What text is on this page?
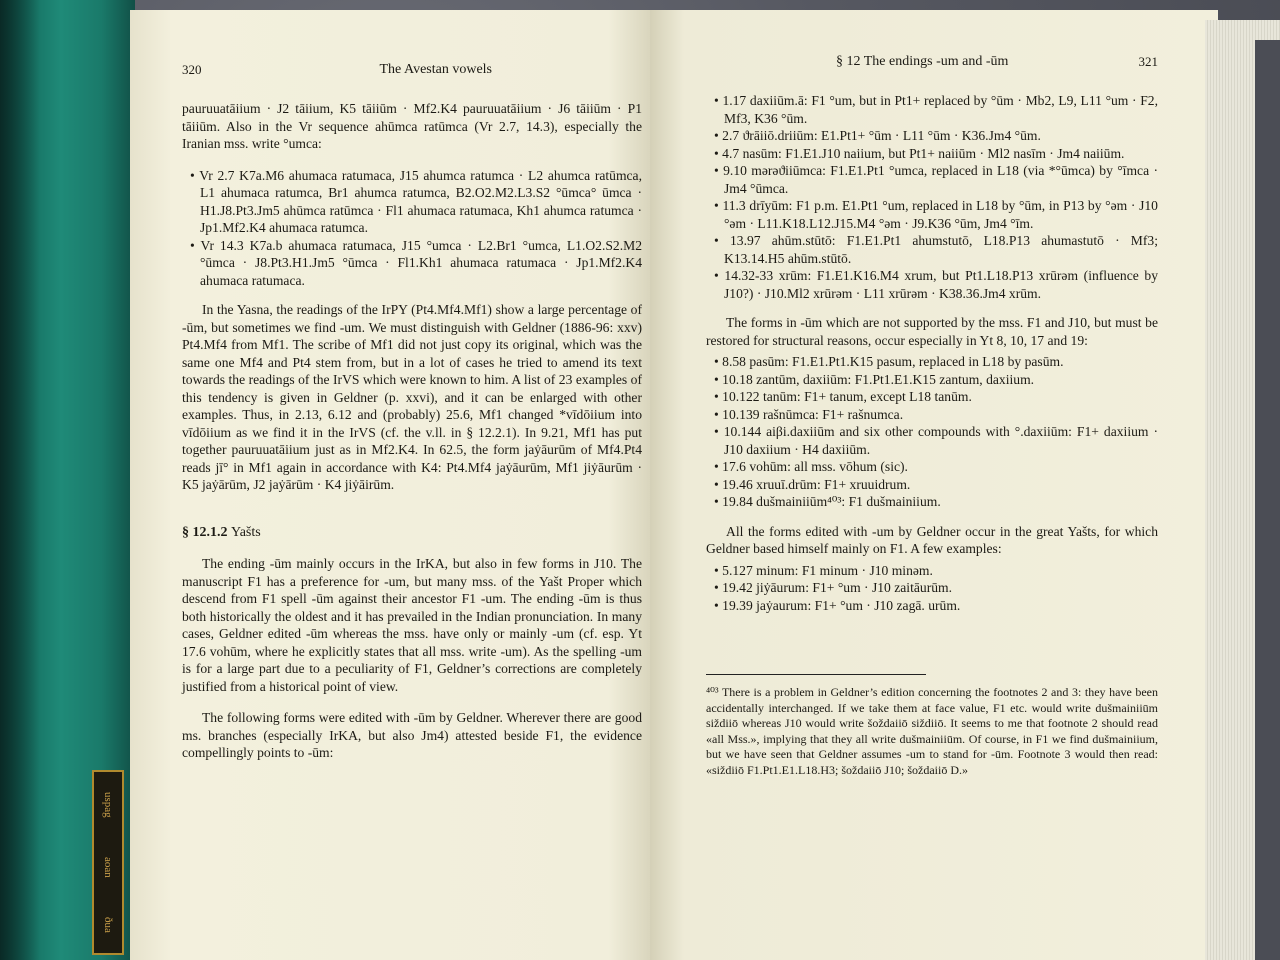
uspag
aoan
ðua
320	The Avestan vowels

pauruuatāiium · J2 tāiium, K5 tāiiūm · Mf2.K4 pauruuatāiium · J6 tāiiūm · P1 tāiiūm. Also in the Vr sequence ahūmca ratūmca (Vr 2.7, 14.3), especially the Iranian mss. write °umca:

• Vr 2.7 K7a.M6 ahumaca ratumaca, J15 ahumca ratumca · L2 ahumca ratūmca, L1 ahumaca ratumca, Br1 ahumca ratumca, B2.O2.M2.L3.S2 °ūmca° ūmca · H1.J8.Pt3.Jm5 ahūmca ratūmca · Fl1 ahumaca ratumaca, Kh1 ahumca ratumca · Jp1.Mf2.K4 ahumaca ratumca.
• Vr 14.3 K7a.b ahumaca ratumaca, J15 °umca · L2.Br1 °umca, L1.O2.S2.M2 °ūmca · J8.Pt3.H1.Jm5 °ūmca · Fl1.Kh1 ahumaca ratumaca · Jp1.Mf2.K4 ahumaca ratumaca.

In the Yasna, the readings of the IrPY (Pt4.Mf4.Mf1) show a large percentage of -ūm, but sometimes we find -um. We must distinguish with Geldner (1886-96: xxv) Pt4.Mf4 from Mf1. The scribe of Mf1 did not just copy its original, which was the same one Mf4 and Pt4 stem from, but in a lot of cases he tried to amend its text towards the readings of the IrVS which were known to him. A list of 23 examples of this tendency is given in Geldner (p. xxvi), and it can be enlarged with other examples. Thus, in 2.13, 6.12 and (probably) 25.6, Mf1 changed *vīdōiium into vīdōiium as we find it in the IrVS (cf. the v.ll. in § 12.2.1). In 9.21, Mf1 has put together pauruuatāiium just as in Mf2.K4. In 62.5, the form jaẏāurūm of Mf4.Pt4 reads jī° in Mf1 again in accordance with K4: Pt4.Mf4 jaẏāurūm, Mf1 jiẏāurūm · K5 jaẏārūm, J2 jaẏārūm · K4 jiẏāirūm.

§ 12.1.2 Yašts

The ending -ūm mainly occurs in the IrKA, but also in few forms in J10. The manuscript F1 has a preference for -um, but many mss. of the Yašt Proper which descend from F1 spell -ūm against their ancestor F1 -um. The ending -ūm is thus both historically the oldest and it has prevailed in the Indian pronunciation. In many cases, Geldner edited -ūm whereas the mss. have only or mainly -um (cf. esp. Yt 17.6 vohūm, where he explicitly states that all mss. write -um). As the spelling -um is for a large part due to a peculiarity of F1, Geldner’s corrections are completely justified from a historical point of view.

The following forms were edited with -ūm by Geldner. Wherever there are good ms. branches (especially IrKA, but also Jm4) attested beside F1, the evidence compellingly points to -ūm:

§ 12 The endings -um and -ūm	321
• 1.17 daxiiūm.ā: F1 °um, but in Pt1+ replaced by °ūm · Mb2, L9, L11 °um · F2, Mf3, K36 °ūm.
• 2.7 ϑrāiiō.driiūm: E1.Pt1+ °ūm · L11 °ūm · K36.Jm4 °ūm.
• 4.7 nasūm: F1.E1.J10 naiium, but Pt1+ naiiūm · Ml2 nasīm · Jm4 naiiūm.
• 9.10 mərəϑiiūmca: F1.E1.Pt1 °umca, replaced in L18 (via *°ūmca) by °īmca · Jm4 °ūmca.
• 11.3 drīyūm: F1 p.m. E1.Pt1 °um, replaced in L18 by °ūm, in P13 by °əm · J10 °əm · L11.K18.L12.J15.M4 °əm · J9.K36 °ūm, Jm4 °īm.
• 13.97 ahūm.stūtō: F1.E1.Pt1 ahumstutō, L18.P13 ahumastutō · Mf3; K13.14.H5 ahūm.stūtō.
• 14.32-33 xrūm: F1.E1.K16.M4 xrum, but Pt1.L18.P13 xrūrəm (influence by J10?) · J10.Ml2 xrūrəm · L11 xrūrəm · K38.36.Jm4 xrūm.

The forms in -ūm which are not supported by the mss. F1 and J10, but must be restored for structural reasons, occur especially in Yt 8, 10, 17 and 19:

• 8.58 pasūm: F1.E1.Pt1.K15 pasum, replaced in L18 by pasūm.
• 10.18 zantūm, daxiiūm: F1.Pt1.E1.K15 zantum, daxiium.
• 10.122 tanūm: F1+ tanum, except L18 tanūm.
• 10.139 rašnūmca: F1+ rašnumca.
• 10.144 aiβi.daxiiūm and six other compounds with °.daxiiūm: F1+ daxiium · J10 daxiium · H4 daxiiūm.
• 17.6 vohūm: all mss. vōhum (sic).
• 19.46 xruuī.drūm: F1+ xruuidrum.
• 19.84 dušmainiiūm⁴⁰³: F1 dušmainiium.

All the forms edited with -um by Geldner occur in the great Yašts, for which Geldner based himself mainly on F1. A few examples:

• 5.127 minum: F1 minum · J10 minəm.
• 19.42 jiẏāurum: F1+ °um · J10 zaitāurūm.
• 19.39 jaẏaurum: F1+ °um · J10 zagā. urūm.

⁴⁰³ There is a problem in Geldner’s edition concerning the footnotes 2 and 3: they have been accidentally interchanged. If we take them at face value, F1 etc. would write dušmainiiūm siždiiō whereas J10 would write šoždaiiō siždiiō. It seems to me that footnote 2 should read «all Mss.», implying that they all write dušmainiiūm. Of course, in F1 we find dušmainiium, but we have seen that Geldner assumes -um to stand for -ūm. Footnote 3 would then read: «siždiiō F1.Pt1.E1.L18.H3; šoždaiiō J10; šoždaiiō D.»
